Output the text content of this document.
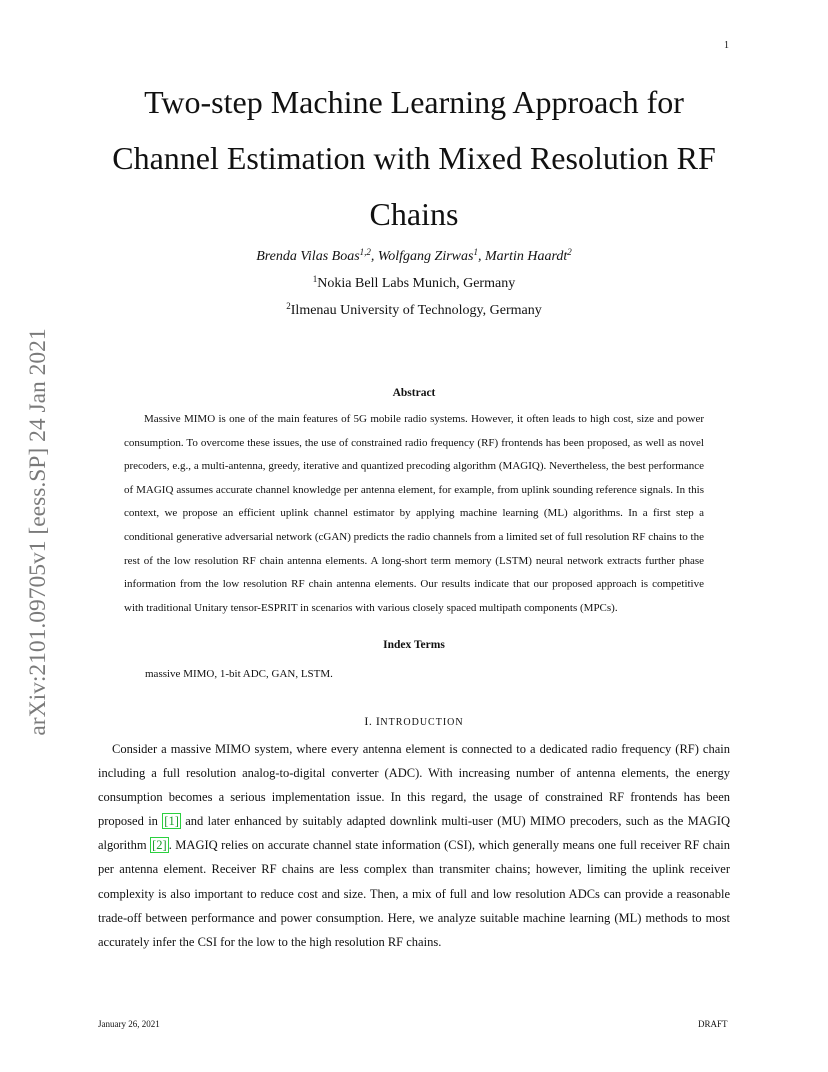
1
arXiv:2101.09705v1 [eess.SP] 24 Jan 2021
Two-step Machine Learning Approach for
Channel Estimation with Mixed Resolution RF
Chains
Brenda Vilas Boas$^{1,2}$, Wolfgang Zirwas$^1$, Martin Haardt$^2$
$^1$Nokia Bell Labs Munich, Germany
$^2$Ilmenau University of Technology, Germany
Abstract

Massive MIMO is one of the main features of 5G mobile radio systems. However, it often leads to high cost, size and power consumption. To overcome these issues, the use of constrained radio frequency (RF) frontends has been proposed, as well as novel precoders, e.g., a multi-antenna, greedy, iterative and quantized precoding algorithm (MAGIQ). Nevertheless, the best performance of MAGIQ assumes accurate channel knowledge per antenna element, for example, from uplink sounding reference signals. In this context, we propose an efficient uplink channel estimator by applying machine learning (ML) algorithms. In a first step a conditional generative adversarial network (cGAN) predicts the radio channels from a limited set of full resolution RF chains to the rest of the low resolution RF chain antenna elements. A long-short term memory (LSTM) neural network extracts further phase information from the low resolution RF chain antenna elements. Our results indicate that our proposed approach is competitive with traditional Unitary tensor-ESPRIT in scenarios with various closely spaced multipath components (MPCs).

Index Terms
massive MIMO, 1-bit ADC, GAN, LSTM.
I. INTRODUCTION

Consider a massive MIMO system, where every antenna element is connected to a dedicated radio frequency (RF) chain including a full resolution analog-to-digital converter (ADC). With increasing number of antenna elements, the energy consumption becomes a serious implementation issue. In this regard, the usage of constrained RF frontends has been proposed in [1] and later enhanced by suitably adapted downlink multi-user (MU) MIMO precoders, such as the MAGIQ algorithm [2] . MAGIQ relies on accurate channel state information (CSI), which generally means one full receiver RF chain per antenna element. Receiver RF chains are less complex than transmiter chains; however, limiting the uplink receiver complexity is also important to reduce cost and size. Then, a mix of full and low resolution ADCs can provide a reasonable trade-off between performance and power consumption. Here, we analyze suitable machine learning (ML) methods to most accurately infer the CSI for the low to the high resolution RF chains.

January 26, 2021	DRAFT
